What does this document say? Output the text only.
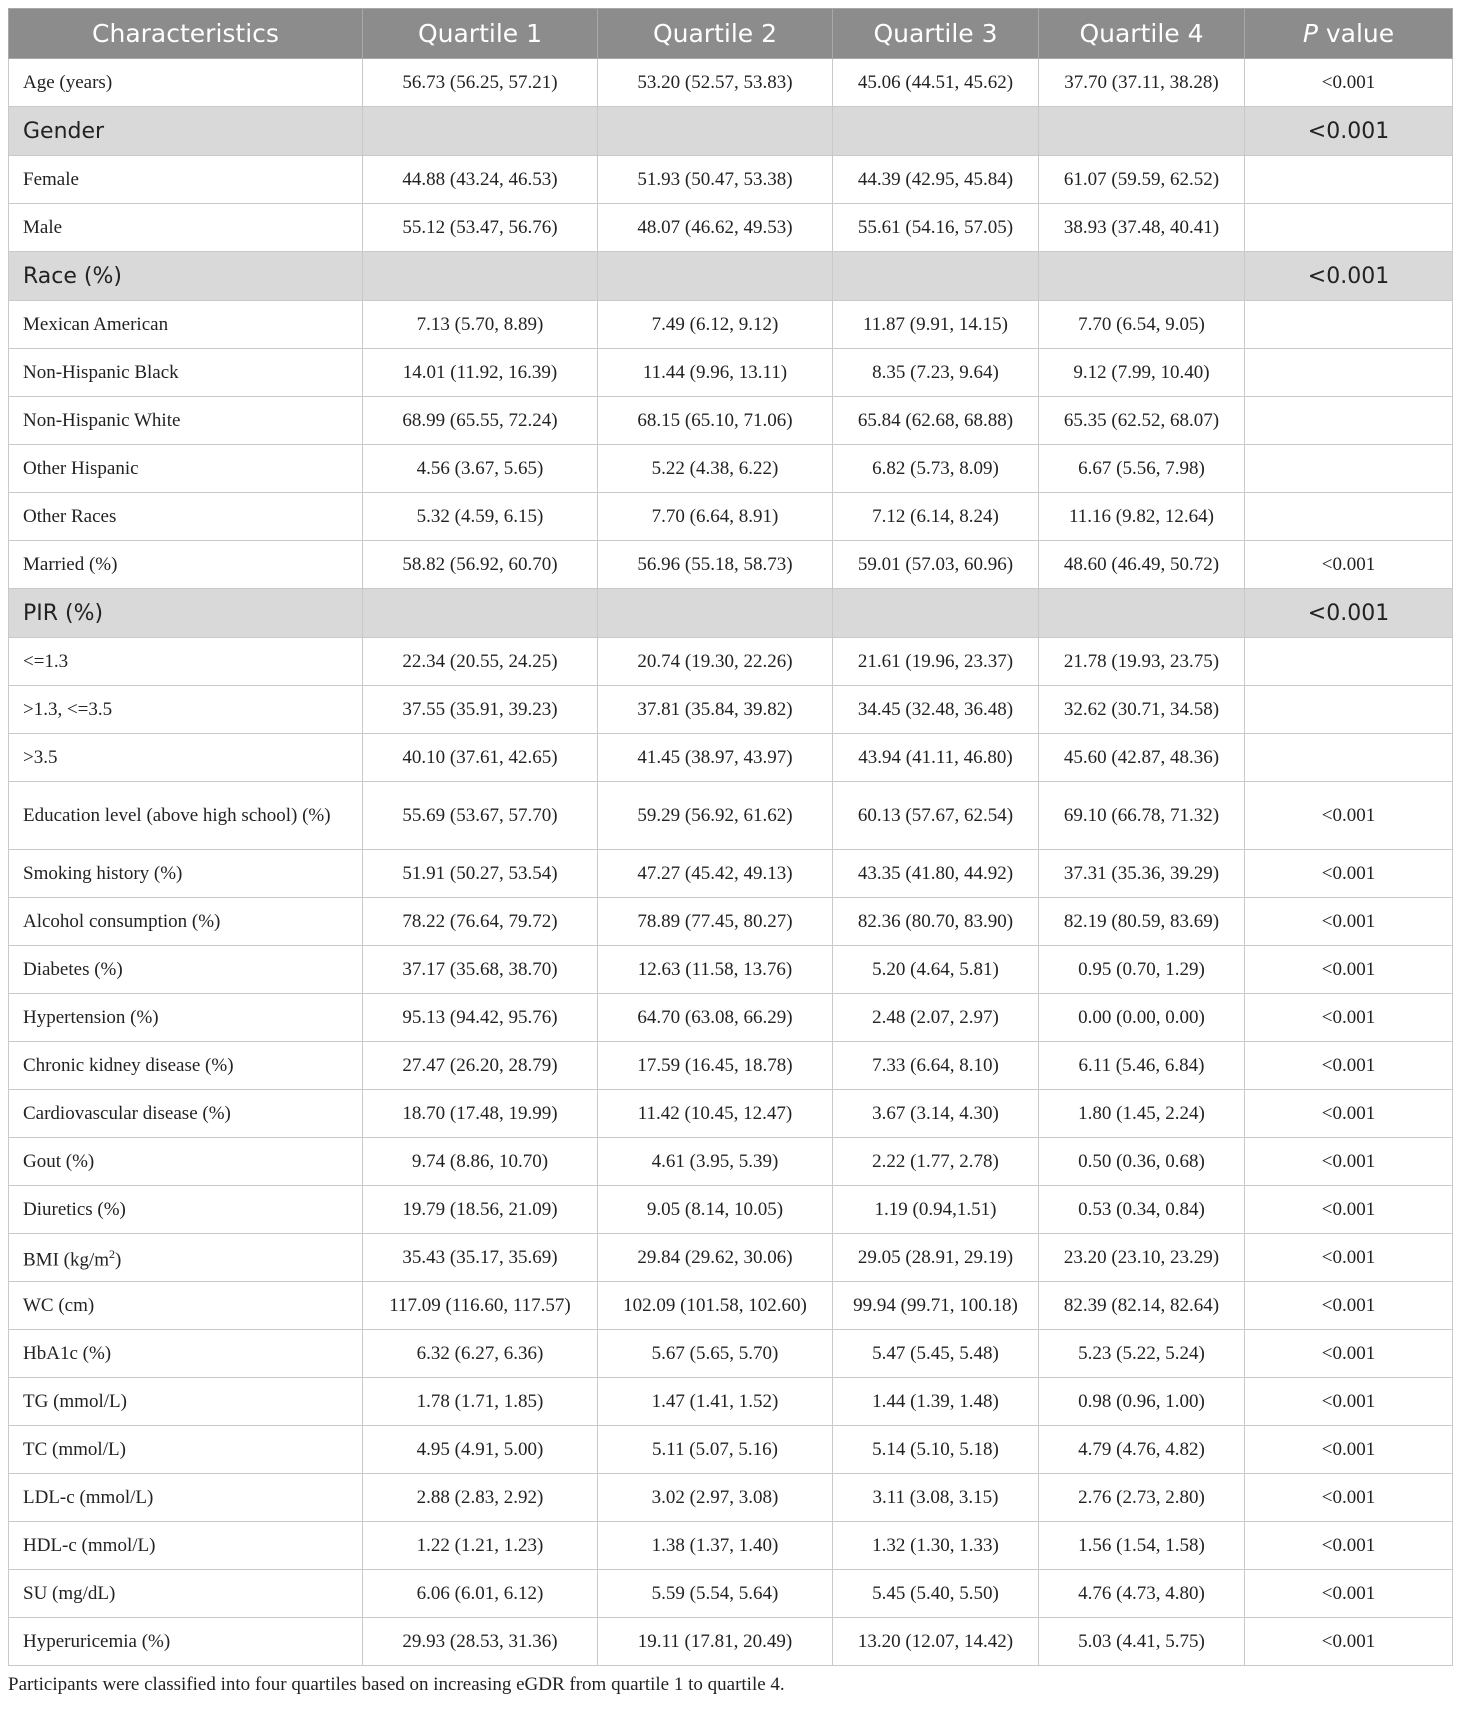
Characteristics	Quartile 1	Quartile 2	Quartile 3	Quartile 4	P value
Age (years)	56.73 (56.25, 57.21)	53.20 (52.57, 53.83)	45.06 (44.51, 45.62)	37.70 (37.11, 38.28)	<0.001
Gender					<0.001
Female	44.88 (43.24, 46.53)	51.93 (50.47, 53.38)	44.39 (42.95, 45.84)	61.07 (59.59, 62.52)	
Male	55.12 (53.47, 56.76)	48.07 (46.62, 49.53)	55.61 (54.16, 57.05)	38.93 (37.48, 40.41)	
Race (%)					<0.001
Mexican American	7.13 (5.70, 8.89)	7.49 (6.12, 9.12)	11.87 (9.91, 14.15)	7.70 (6.54, 9.05)	
Non-Hispanic Black	14.01 (11.92, 16.39)	11.44 (9.96, 13.11)	8.35 (7.23, 9.64)	9.12 (7.99, 10.40)	
Non-Hispanic White	68.99 (65.55, 72.24)	68.15 (65.10, 71.06)	65.84 (62.68, 68.88)	65.35 (62.52, 68.07)	
Other Hispanic	4.56 (3.67, 5.65)	5.22 (4.38, 6.22)	6.82 (5.73, 8.09)	6.67 (5.56, 7.98)	
Other Races	5.32 (4.59, 6.15)	7.70 (6.64, 8.91)	7.12 (6.14, 8.24)	11.16 (9.82, 12.64)	
Married (%)	58.82 (56.92, 60.70)	56.96 (55.18, 58.73)	59.01 (57.03, 60.96)	48.60 (46.49, 50.72)	<0.001
PIR (%)					<0.001
<=1.3	22.34 (20.55, 24.25)	20.74 (19.30, 22.26)	21.61 (19.96, 23.37)	21.78 (19.93, 23.75)	
>1.3, <=3.5	37.55 (35.91, 39.23)	37.81 (35.84, 39.82)	34.45 (32.48, 36.48)	32.62 (30.71, 34.58)	
>3.5	40.10 (37.61, 42.65)	41.45 (38.97, 43.97)	43.94 (41.11, 46.80)	45.60 (42.87, 48.36)	
Education level (above high school) (%)	55.69 (53.67, 57.70)	59.29 (56.92, 61.62)	60.13 (57.67, 62.54)	69.10 (66.78, 71.32)	<0.001
Smoking history (%)	51.91 (50.27, 53.54)	47.27 (45.42, 49.13)	43.35 (41.80, 44.92)	37.31 (35.36, 39.29)	<0.001
Alcohol consumption (%)	78.22 (76.64, 79.72)	78.89 (77.45, 80.27)	82.36 (80.70, 83.90)	82.19 (80.59, 83.69)	<0.001
Diabetes (%)	37.17 (35.68, 38.70)	12.63 (11.58, 13.76)	5.20 (4.64, 5.81)	0.95 (0.70, 1.29)	<0.001
Hypertension (%)	95.13 (94.42, 95.76)	64.70 (63.08, 66.29)	2.48 (2.07, 2.97)	0.00 (0.00, 0.00)	<0.001
Chronic kidney disease (%)	27.47 (26.20, 28.79)	17.59 (16.45, 18.78)	7.33 (6.64, 8.10)	6.11 (5.46, 6.84)	<0.001
Cardiovascular disease (%)	18.70 (17.48, 19.99)	11.42 (10.45, 12.47)	3.67 (3.14, 4.30)	1.80 (1.45, 2.24)	<0.001
Gout (%)	9.74 (8.86, 10.70)	4.61 (3.95, 5.39)	2.22 (1.77, 2.78)	0.50 (0.36, 0.68)	<0.001
Diuretics (%)	19.79 (18.56, 21.09)	9.05 (8.14, 10.05)	1.19 (0.94,1.51)	0.53 (0.34, 0.84)	<0.001
BMI $(kg/m^2)$	35.43 (35.17, 35.69)	29.84 (29.62, 30.06)	29.05 (28.91, 29.19)	23.20 (23.10, 23.29)	<0.001
WC (cm)	117.09 (116.60, 117.57)	102.09 (101.58, 102.60)	99.94 (99.71, 100.18)	82.39 (82.14, 82.64)	<0.001
HbA1c (%)	6.32 (6.27, 6.36)	5.67 (5.65, 5.70)	5.47 (5.45, 5.48)	5.23 (5.22, 5.24)	<0.001
TG (mmol/L)	1.78 (1.71, 1.85)	1.47 (1.41, 1.52)	1.44 (1.39, 1.48)	0.98 (0.96, 1.00)	<0.001
TC (mmol/L)	4.95 (4.91, 5.00)	5.11 (5.07, 5.16)	5.14 (5.10, 5.18)	4.79 (4.76, 4.82)	<0.001
LDL-c (mmol/L)	2.88 (2.83, 2.92)	3.02 (2.97, 3.08)	3.11 (3.08, 3.15)	2.76 (2.73, 2.80)	<0.001
HDL-c (mmol/L)	1.22 (1.21, 1.23)	1.38 (1.37, 1.40)	1.32 (1.30, 1.33)	1.56 (1.54, 1.58)	<0.001
SU (mg/dL)	6.06 (6.01, 6.12)	5.59 (5.54, 5.64)	5.45 (5.40, 5.50)	4.76 (4.73, 4.80)	<0.001
Hyperuricemia (%)	29.93 (28.53, 31.36)	19.11 (17.81, 20.49)	13.20 (12.07, 14.42)	5.03 (4.41, 5.75)	<0.001
Participants were classified into four quartiles based on increasing eGDR from quartile 1 to quartile 4.
